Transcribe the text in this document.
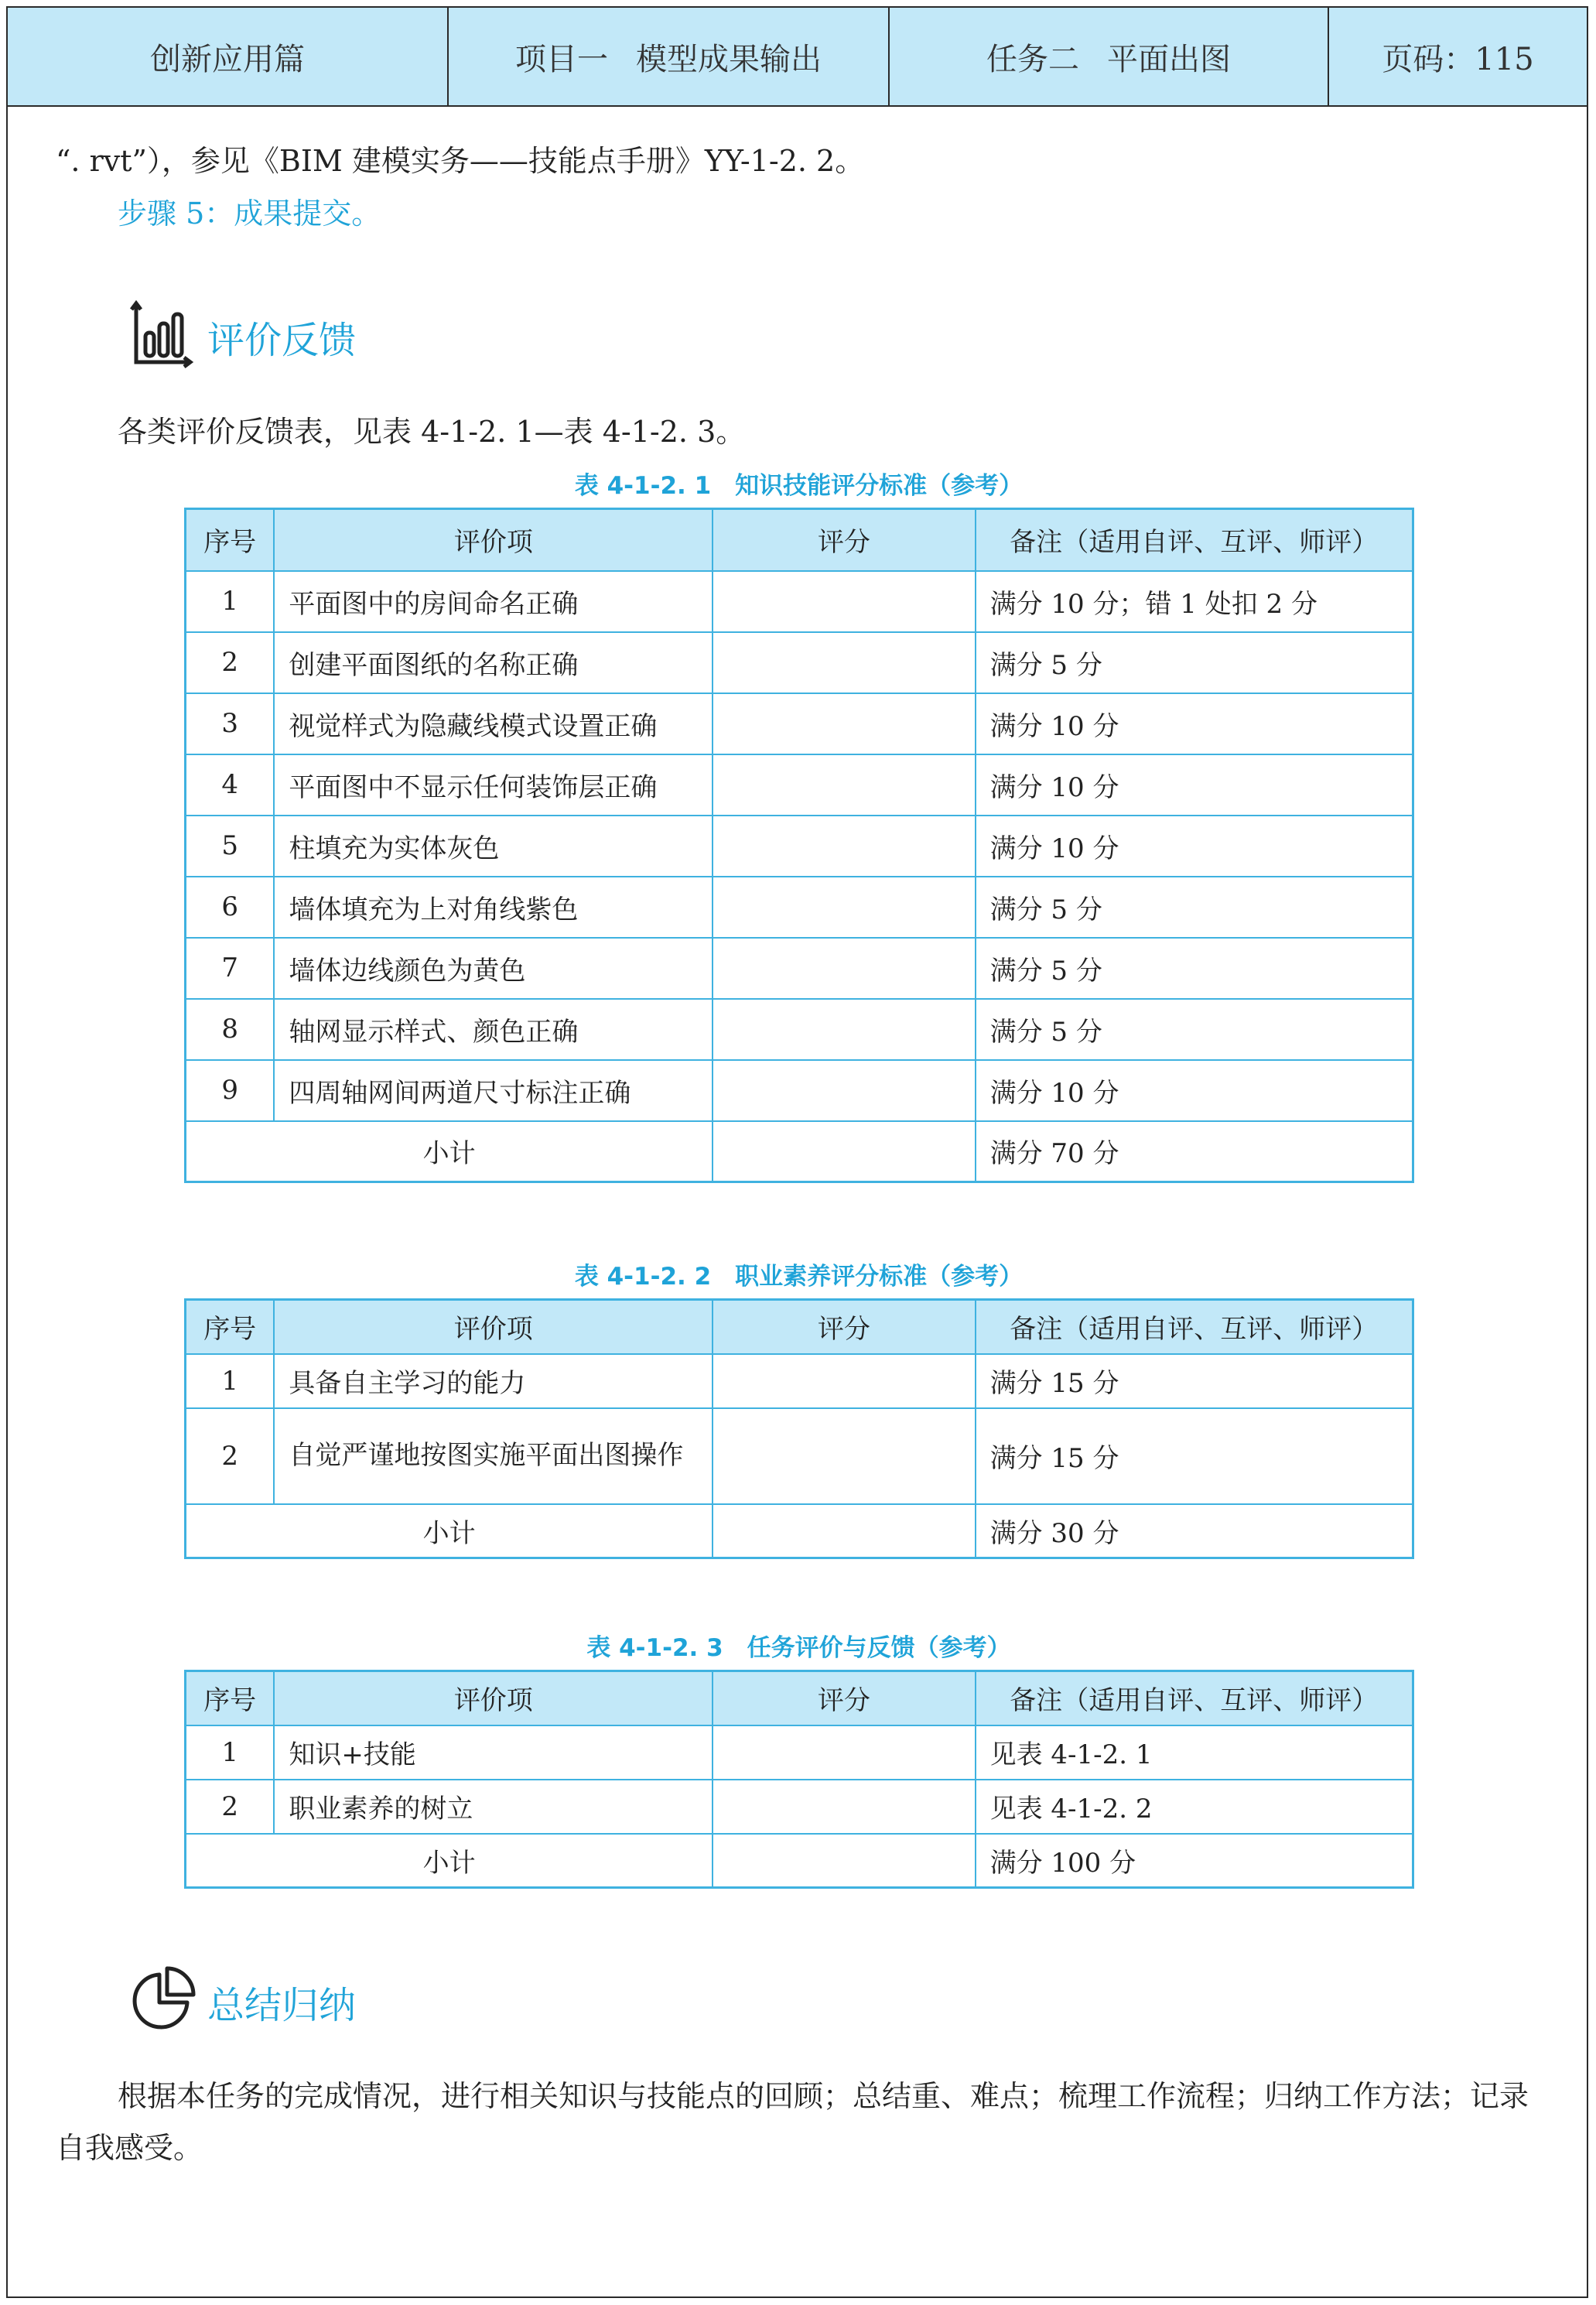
创新应用篇	项目一 模型成果输出	任务二 平面出图	页码：115
“. rvt”），参见《BIM 建模实务——技能点手册》YY-1-2. 2。
步骤 5：成果提交。
评价反馈
各类评价反馈表，见表 4-1-2. 1—表 4-1-2. 3。
表 4-1-2. 1　知识技能评分标准（参考）
序号	评价项	评分	备注（适用自评、互评、师评）
1	平面图中的房间命名正确		满分 10 分；错 1 处扣 2 分
2	创建平面图纸的名称正确		满分 5 分
3	视觉样式为隐藏线模式设置正确		满分 10 分
4	平面图中不显示任何装饰层正确		满分 10 分
5	柱填充为实体灰色		满分 10 分
6	墙体填充为上对角线紫色		满分 5 分
7	墙体边线颜色为黄色		满分 5 分
8	轴网显示样式、颜色正确		满分 5 分
9	四周轴网间两道尺寸标注正确		满分 10 分
小计			满分 70 分
表 4-1-2. 2　职业素养评分标准（参考）
序号	评价项	评分	备注（适用自评、互评、师评）
1	具备自主学习的能力		满分 15 分
2	自觉严谨地按图实施平面出图操作		满分 15 分
小计			满分 30 分
表 4-1-2. 3　任务评价与反馈（参考）
序号	评价项	评分	备注（适用自评、互评、师评）
1	知识+技能		见表 4-1-2. 1
2	职业素养的树立		见表 4-1-2. 2
小计			满分 100 分
总结归纳
根据本任务的完成情况，进行相关知识与技能点的回顾；总结重、难点；梳理工作流程；归纳工作方法；记录自我感受。
